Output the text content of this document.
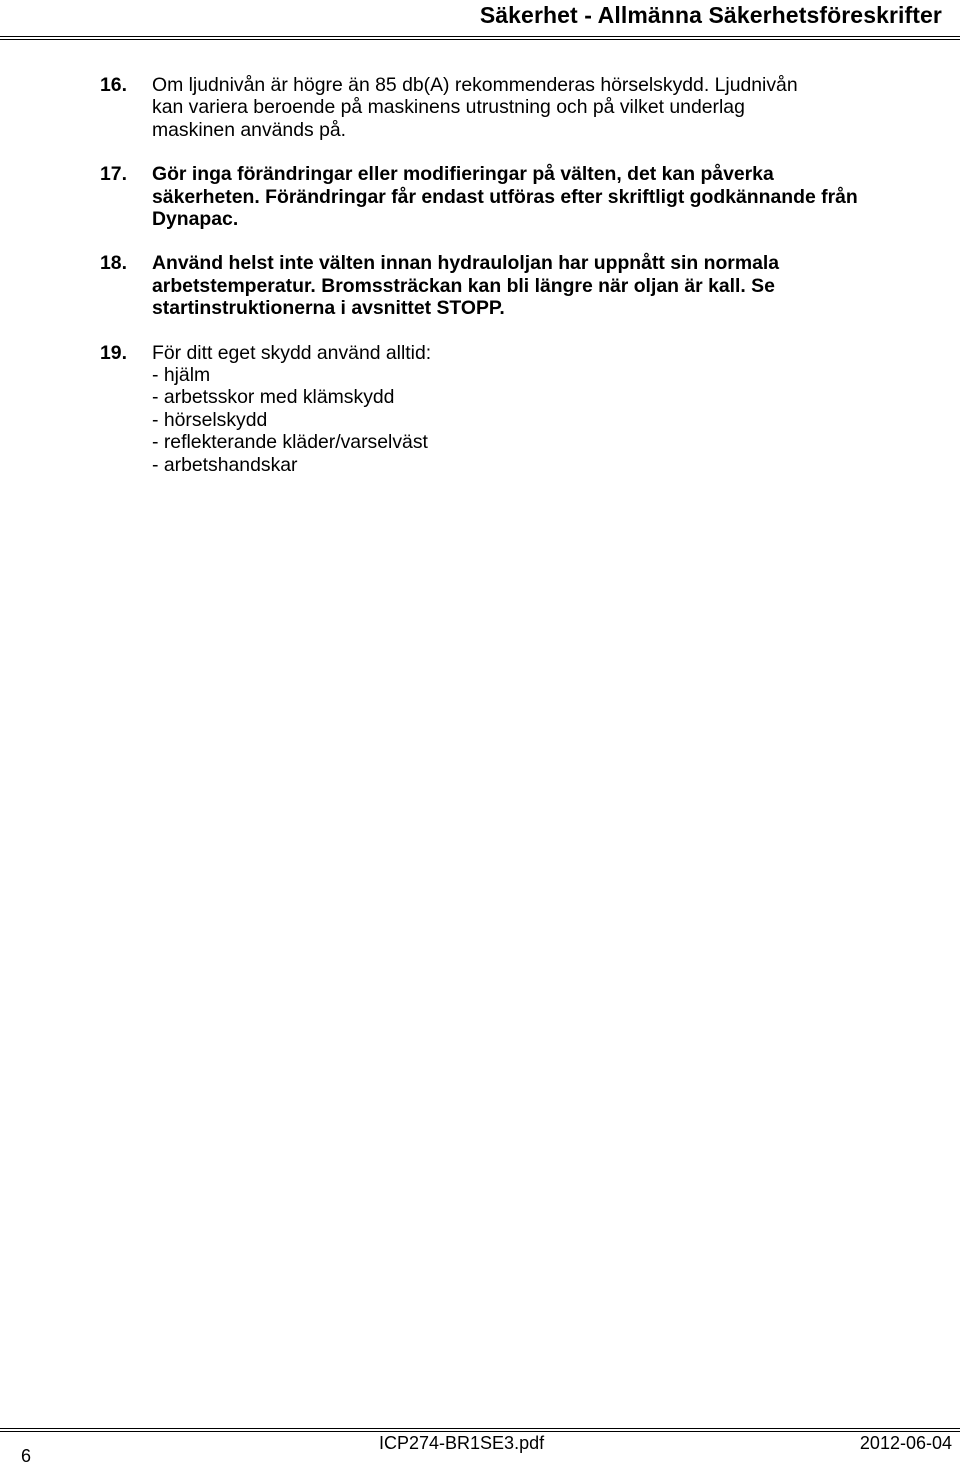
Säkerhet - Allmänna Säkerhetsföreskrifter
16.	Om ljudnivån är högre än 85 db(A) rekommenderas hörselskydd. Ljudnivån
kan variera beroende på maskinens utrustning och på vilket underlag
maskinen används på.
17.	Gör inga förändringar eller modifieringar på välten, det kan påverka
säkerheten. Förändringar får endast utföras efter skriftligt godkännande från
Dynapac.
18.	Använd helst inte välten innan hydrauloljan har uppnått sin normala
arbetstemperatur. Bromssträckan kan bli längre när oljan är kall. Se
startinstruktionerna i avsnittet STOPP.
19.	För ditt eget skydd använd alltid:
- hjälm
- arbetsskor med klämskydd
- hörselskydd
- reflekterande kläder/varselväst
- arbetshandskar
6
ICP274-BR1SE3.pdf	2012-06-04
